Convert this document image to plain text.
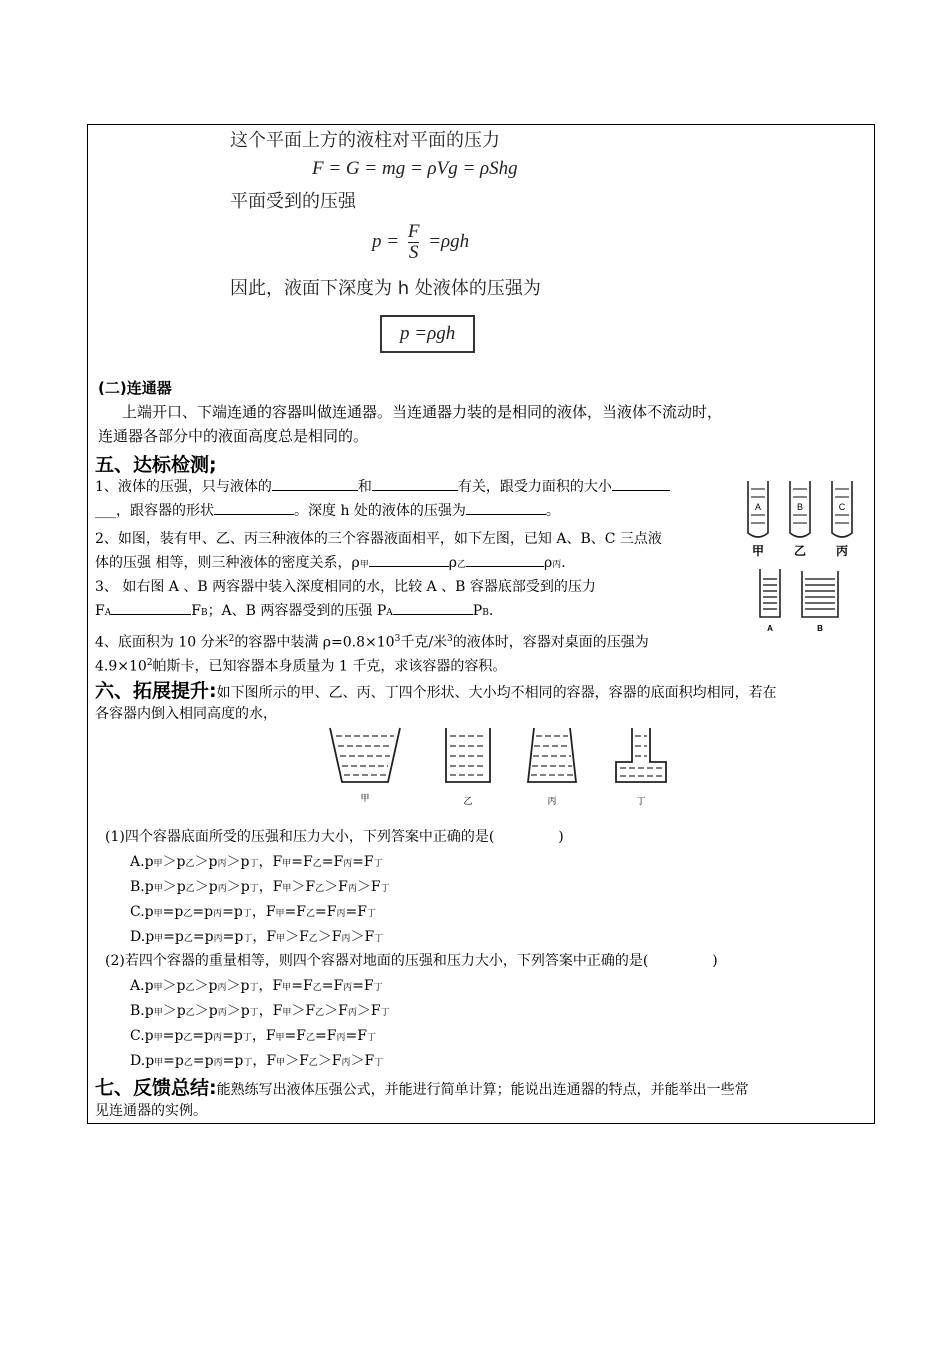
这个平面上方的液柱对平面的压力
F = G = mg = ρVg = ρShg
平面受到的压强
$p = \frac{F}{S} =\rho gh$
因此，液面下深度为 h 处液体的压强为
p =ρgh
(二)连通器
上端开口、下端连通的容器叫做连通器。当连通器力装的是相同的液体，当液体不流动时，
连通器各部分中的液面高度总是相同的。
五、达标检测;
1、液体的压强，只与液体的	和	有关，跟受力面积的大小
___，跟容器的形状	。深度 h 处的液体的压强为	。
2、如图，装有甲、乙、丙三种液体的三个容器液面相平，如下左图，已知 A、B、C 三点液
体的压强 相等，则三种液体的密度关系，ρ甲	ρ乙	ρ丙.
3、 如右图 A 、B 两容器中装入深度相同的水，比较 A 、B 容器底部受到的压力
FA	FB；A、B 两容器受到的压强 PA	PB.
4、底面积为 10 分米$^2$的容器中装满 $\rho=0.8\times 10^3$千克/米$^3$的液体时，容器对桌面的压强为
$4.9\times 10^2$帕斯卡，已知容器本身质量为 1 千克，求该容器的容积。
A	B	C
甲 乙 丙
A	B
六、拓展提升:如下图所示的甲、乙、丙、丁四个形状、大小均不相同的容器，容器的底面积均相同，若在
各容器内倒入相同高度的水，
甲	乙	丙	丁
(1)四个容器底面所受的压强和压力大小，下列答案中正确的是(	)
A.p甲＞p乙＞p丙＞p丁，F甲=F乙=F丙=F丁
B.p甲＞p乙＞p丙＞p丁，F甲＞F乙＞F丙＞F丁
C.p甲=p乙=p丙=p丁，F甲=F乙=F丙=F丁
D.p甲=p乙=p丙=p丁，F甲＞F乙＞F丙＞F丁
(2)若四个容器的重量相等，则四个容器对地面的压强和压力大小，下列答案中正确的是(	)
A.p甲＞p乙＞p丙＞p丁，F甲=F乙=F丙=F丁
B.p甲＞p乙＞p丙＞p丁，F甲＞F乙＞F丙＞F丁
C.p甲=p乙=p丙=p丁，F甲=F乙=F丙=F丁
D.p甲=p乙=p丙=p丁，F甲＞F乙＞F丙＞F丁
七、反馈总结:能熟练写出液体压强公式，并能进行简单计算；能说出连通器的特点，并能举出一些常
见连通器的实例。
